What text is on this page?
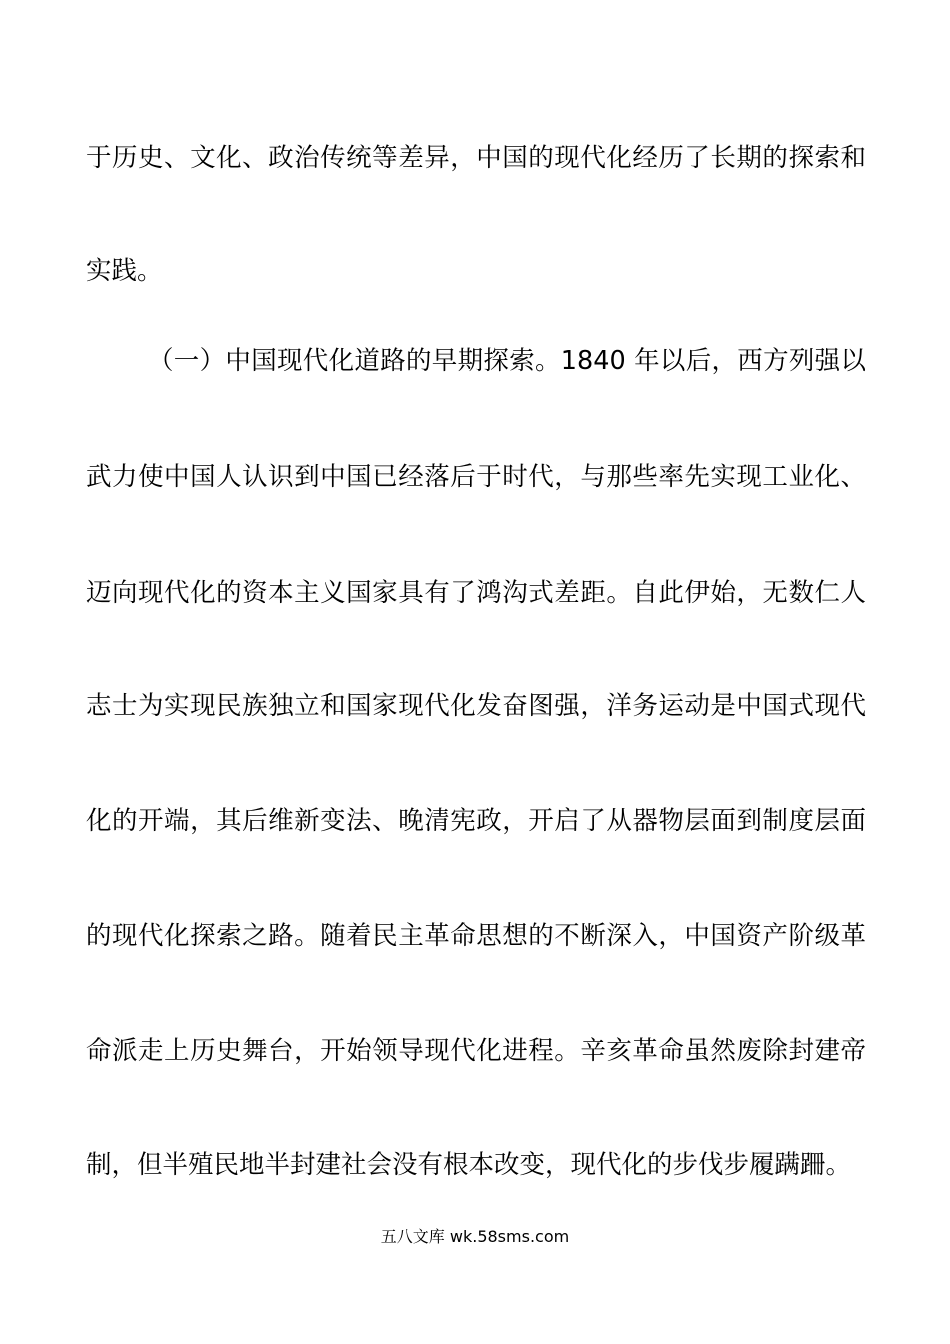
于历史、文化、政治传统等差异，中国的现代化经历了长期的探索和
实践。
（一）中国现代化道路的早期探索。1840 年以后，西方列强以
武力使中国人认识到中国已经落后于时代，与那些率先实现工业化、
迈向现代化的资本主义国家具有了鸿沟式差距。自此伊始，无数仁人
志士为实现民族独立和国家现代化发奋图强，洋务运动是中国式现代
化的开端，其后维新变法、晚清宪政，开启了从器物层面到制度层面
的现代化探索之路。随着民主革命思想的不断深入，中国资产阶级革
命派走上历史舞台，开始领导现代化进程。辛亥革命虽然废除封建帝
制，但半殖民地半封建社会没有根本改变，现代化的步伐步履蹒跚。
五八文库 wk.58sms.com
